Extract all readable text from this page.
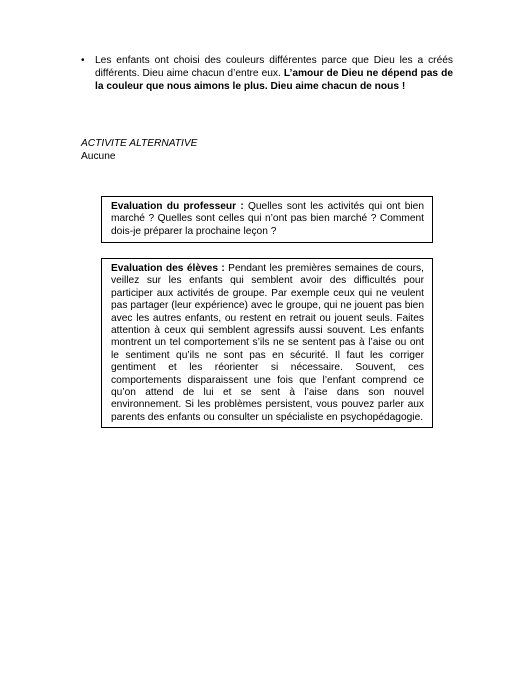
•	Les enfants ont choisi des couleurs différentes parce que Dieu les a créés différents. Dieu aime chacun d’entre eux. L’amour de Dieu ne dépend pas de la couleur que nous aimons le plus. Dieu aime chacun de nous !
ACTIVITE ALTERNATIVE
Aucune
Evaluation du professeur : Quelles sont les activités qui ont bien marché ? Quelles sont celles qui n’ont pas bien marché ? Comment dois-je préparer la prochaine leçon ?
Evaluation des élèves : Pendant les premières semaines de cours, veillez sur les enfants qui semblent avoir des difficultés pour participer aux activités de groupe. Par exemple ceux qui ne veulent pas partager (leur expérience) avec le groupe, qui ne jouent pas bien avec les autres enfants, ou restent en retrait ou jouent seuls. Faites attention à ceux qui semblent agressifs aussi souvent. Les enfants montrent un tel comportement s’ils ne se sentent pas à l’aise ou ont le sentiment qu’ils ne sont pas en sécurité. Il faut les corriger gentiment et les réorienter si nécessaire. Souvent, ces comportements disparaissent une fois que l’enfant comprend ce qu’on attend de lui et se sent à l’aise dans son nouvel environnement. Si les problèmes persistent, vous pouvez parler aux parents des enfants ou consulter un spécialiste en psychopédagogie.
